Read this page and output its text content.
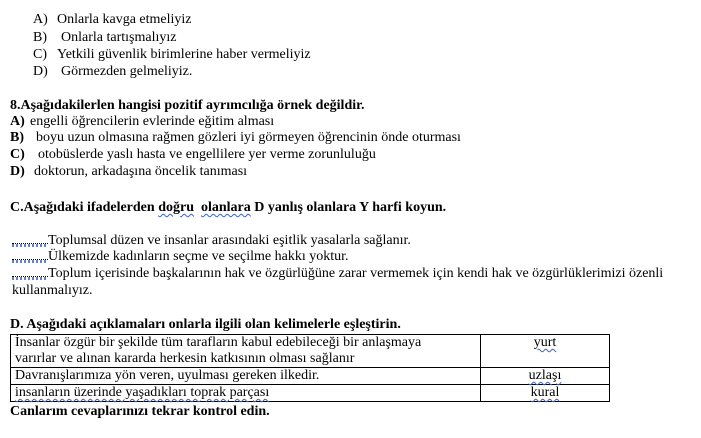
A) Onlarla kavga etmeliyiz
B) Onlarla tartışmalıyız
C) Yetkili güvenlik birimlerine haber vermeliyiz
D) Görmezden gelmeliyiz.
8.Aşağıdakilerlen hangisi pozitif ayrımcılığa örnek değildir.
A) engelli öğrencilerin evlerinde eğitim alması
B) boyu uzun olmasına rağmen gözleri iyi görmeyen öğrencinin önde oturması
C) otobüslerde yaslı hasta ve engellilere yer verme zorunluluğu
D) doktorun, arkadaşına öncelik tanıması
C.Aşağıdaki ifadelerden doğru olanlara D yanlış olanlara Y harfi koyun.
Toplumsal düzen ve insanlar arasındaki eşitlik yasalarla sağlanır.
Ülkemizde kadınların seçme ve seçilme hakkı yoktur.
Toplum içerisinde başkalarının hak ve özgürlüğüne zarar vermemek için kendi hak ve özgürlüklerimizi özenli
kullanmalıyız.
D. Aşağıdaki açıklamaları onlarla ilgili olan kelimelerle eşleştirin.
İnsanlar özgür bir şekilde tüm tarafların kabul edebileceği bir anlaşmaya
varırlar ve alınan kararda herkesin katkısının olması sağlanır	yurt
Davranışlarımıza yön veren, uyulması gereken ilkedir.	uzlaşı
insanların üzerinde yaşadıkları toprak parçası	kural
Canlarım cevaplarınızı tekrar kontrol edin.
